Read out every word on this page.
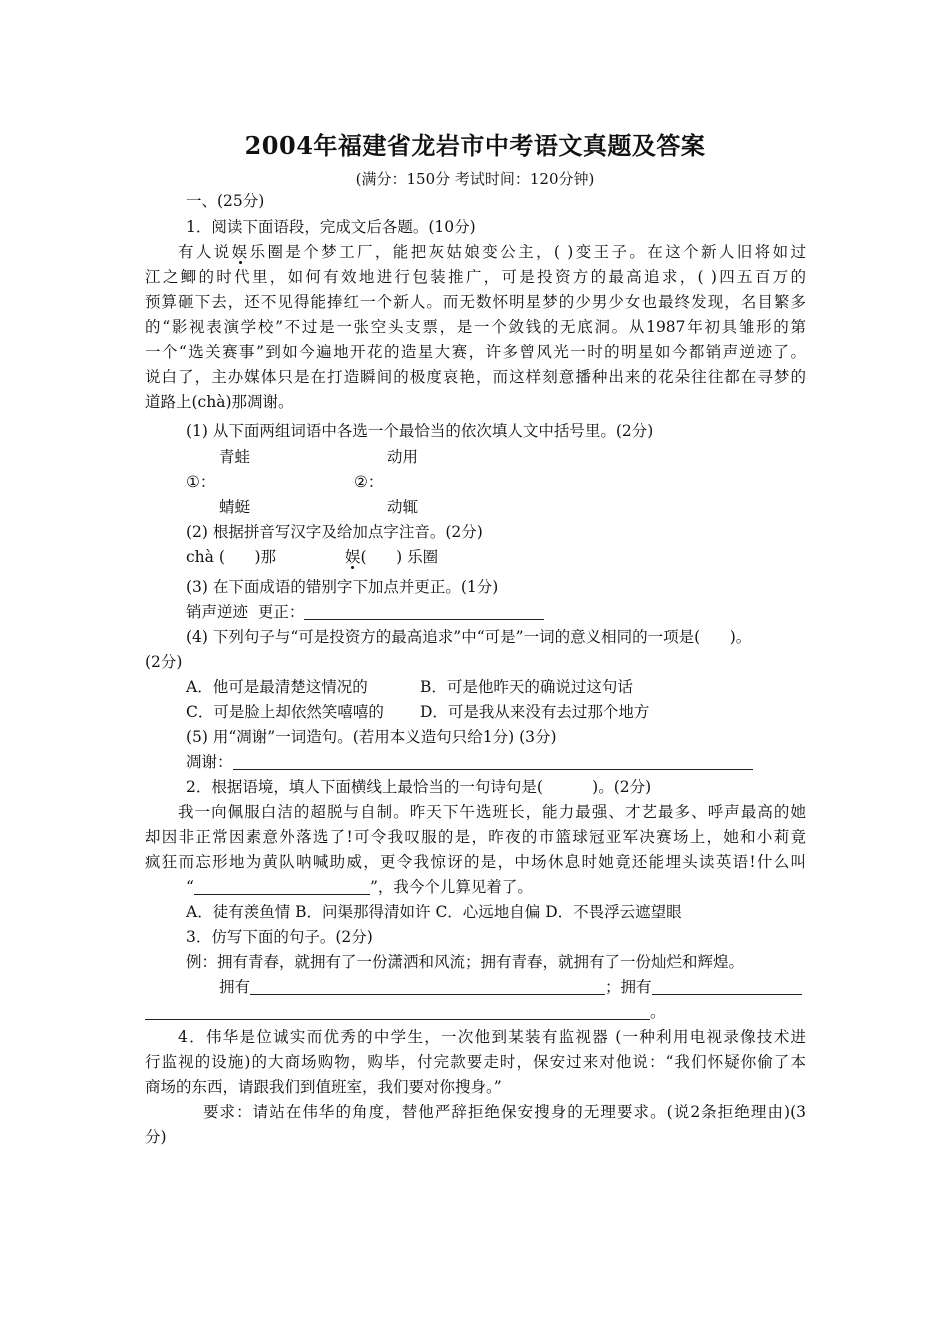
2004年福建省龙岩市中考语文真题及答案
(满分：150分 考试时间：120分钟)
一、(25分)
1．阅读下面语段，完成文后各题。(10分)
有人说娱乐圈是个梦工厂，能把灰姑娘变公主，( )变王子。在这个新人旧将如过
江之鲫的时代里，如何有效地进行包装推广，可是投资方的最高追求，( )四五百万的
预算砸下去，还不见得能捧红一个新人。而无数怀明星梦的少男少女也最终发现，名目繁多
的“影视表演学校”不过是一张空头支票，是一个敛钱的无底洞。从1987年初具雏形的第
一个“选关赛事”到如今遍地开花的造星大赛，许多曾风光一时的明星如今都销声逆迹了。
说白了，主办媒体只是在打造瞬间的极度哀艳，而这样刻意播种出来的花朵往往都在寻梦的
道路上(chà)那凋谢。
(1) 从下面两组词语中各选一个最恰当的依次填人文中括号里。(2分)
青蛙	动用
①：	②：
蜻蜓	动辄
(2) 根据拼音写汉字及给加点字注音。(2分)
chà (      )那	娱(      ) 乐圈
(3) 在下面成语的错别字下加点并更正。(1分)
销声逆迹  更正：
(4) 下列句子与“可是投资方的最高追求”中“可是”一词的意义相同的一项是(      )。
(2分)
A．他可是最清楚这情况的	B．可是他昨天的确说过这句话
C．可是脸上却依然笑嘻嘻的 D．可是我从来没有去过那个地方
(5) 用“凋谢”一词造句。(若用本义造句只给1分) (3分)
凋谢：
2．根据语境，填人下面横线上最恰当的一句诗句是(          )。(2分)
我一向佩服白洁的超脱与自制。昨天下午选班长，能力最强、才艺最多、呼声最高的她
却因非正常因素意外落选了!可令我叹服的是，昨夜的市篮球冠亚军决赛场上，她和小莉竟
疯狂而忘形地为黄队呐喊助威，更令我惊讶的是，中场休息时她竟还能埋头读英语!什么叫
“	”，我今个儿算见着了。
A．徒有羡鱼情 B．问渠那得清如许 C．心远地自偏 D．不畏浮云遮望眼
3．仿写下面的句子。(2分)
例：拥有青春，就拥有了一份潇洒和风流；拥有青春，就拥有了一份灿烂和辉煌。
拥有	；拥有
。
4．伟华是位诚实而优秀的中学生，一次他到某装有监视器 (一种利用电视录像技术进
行监视的设施)的大商场购物，购毕，付完款要走时，保安过来对他说：“我们怀疑你偷了本
商场的东西，请跟我们到值班室，我们要对你搜身。”
要求：请站在伟华的角度，替他严辞拒绝保安搜身的无理要求。(说2条拒绝理由)(3
分)
